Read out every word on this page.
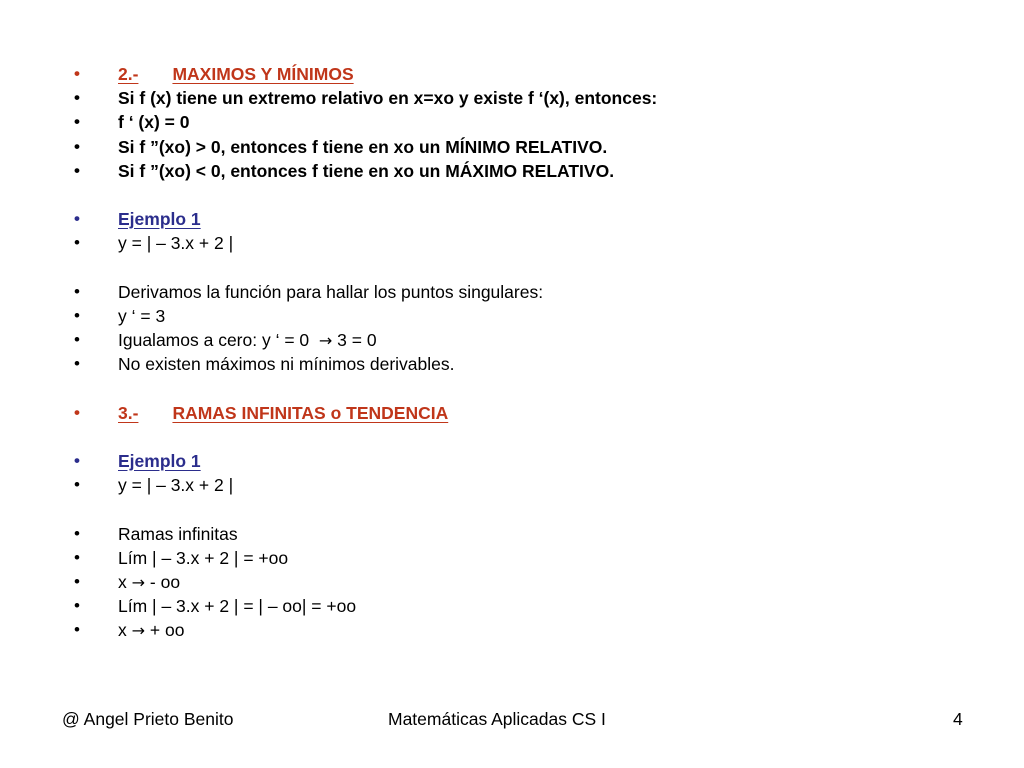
•	2.- MAXIMOS Y MÍNIMOS
•	Si f (x) tiene un extremo relativo en x=xo y existe f ‘(x), entonces:
•	f ‘ (x) = 0
•	Si f ”(xo) > 0, entonces f tiene en xo un MÍNIMO RELATIVO.
•	Si f ”(xo) < 0, entonces f tiene en xo un MÁXIMO RELATIVO.
•	Ejemplo 1
•	y = | – 3.x + 2 |
•	Derivamos la función para hallar los puntos singulares:
•	y ‘ = 3
•	Igualamos a cero: y ‘ = 0 → 3 = 0
•	No existen máximos ni mínimos derivables.
•	3.- RAMAS INFINITAS o TENDENCIA
•	Ejemplo 1
•	y = | – 3.x + 2 |
•	Ramas infinitas
•	Lím | – 3.x + 2 | = +oo
•	x → - oo
•	Lím | – 3.x + 2 | = | – oo| = +oo
•	x → + oo
@ Angel Prieto Benito	Matemáticas Aplicadas CS I	4
